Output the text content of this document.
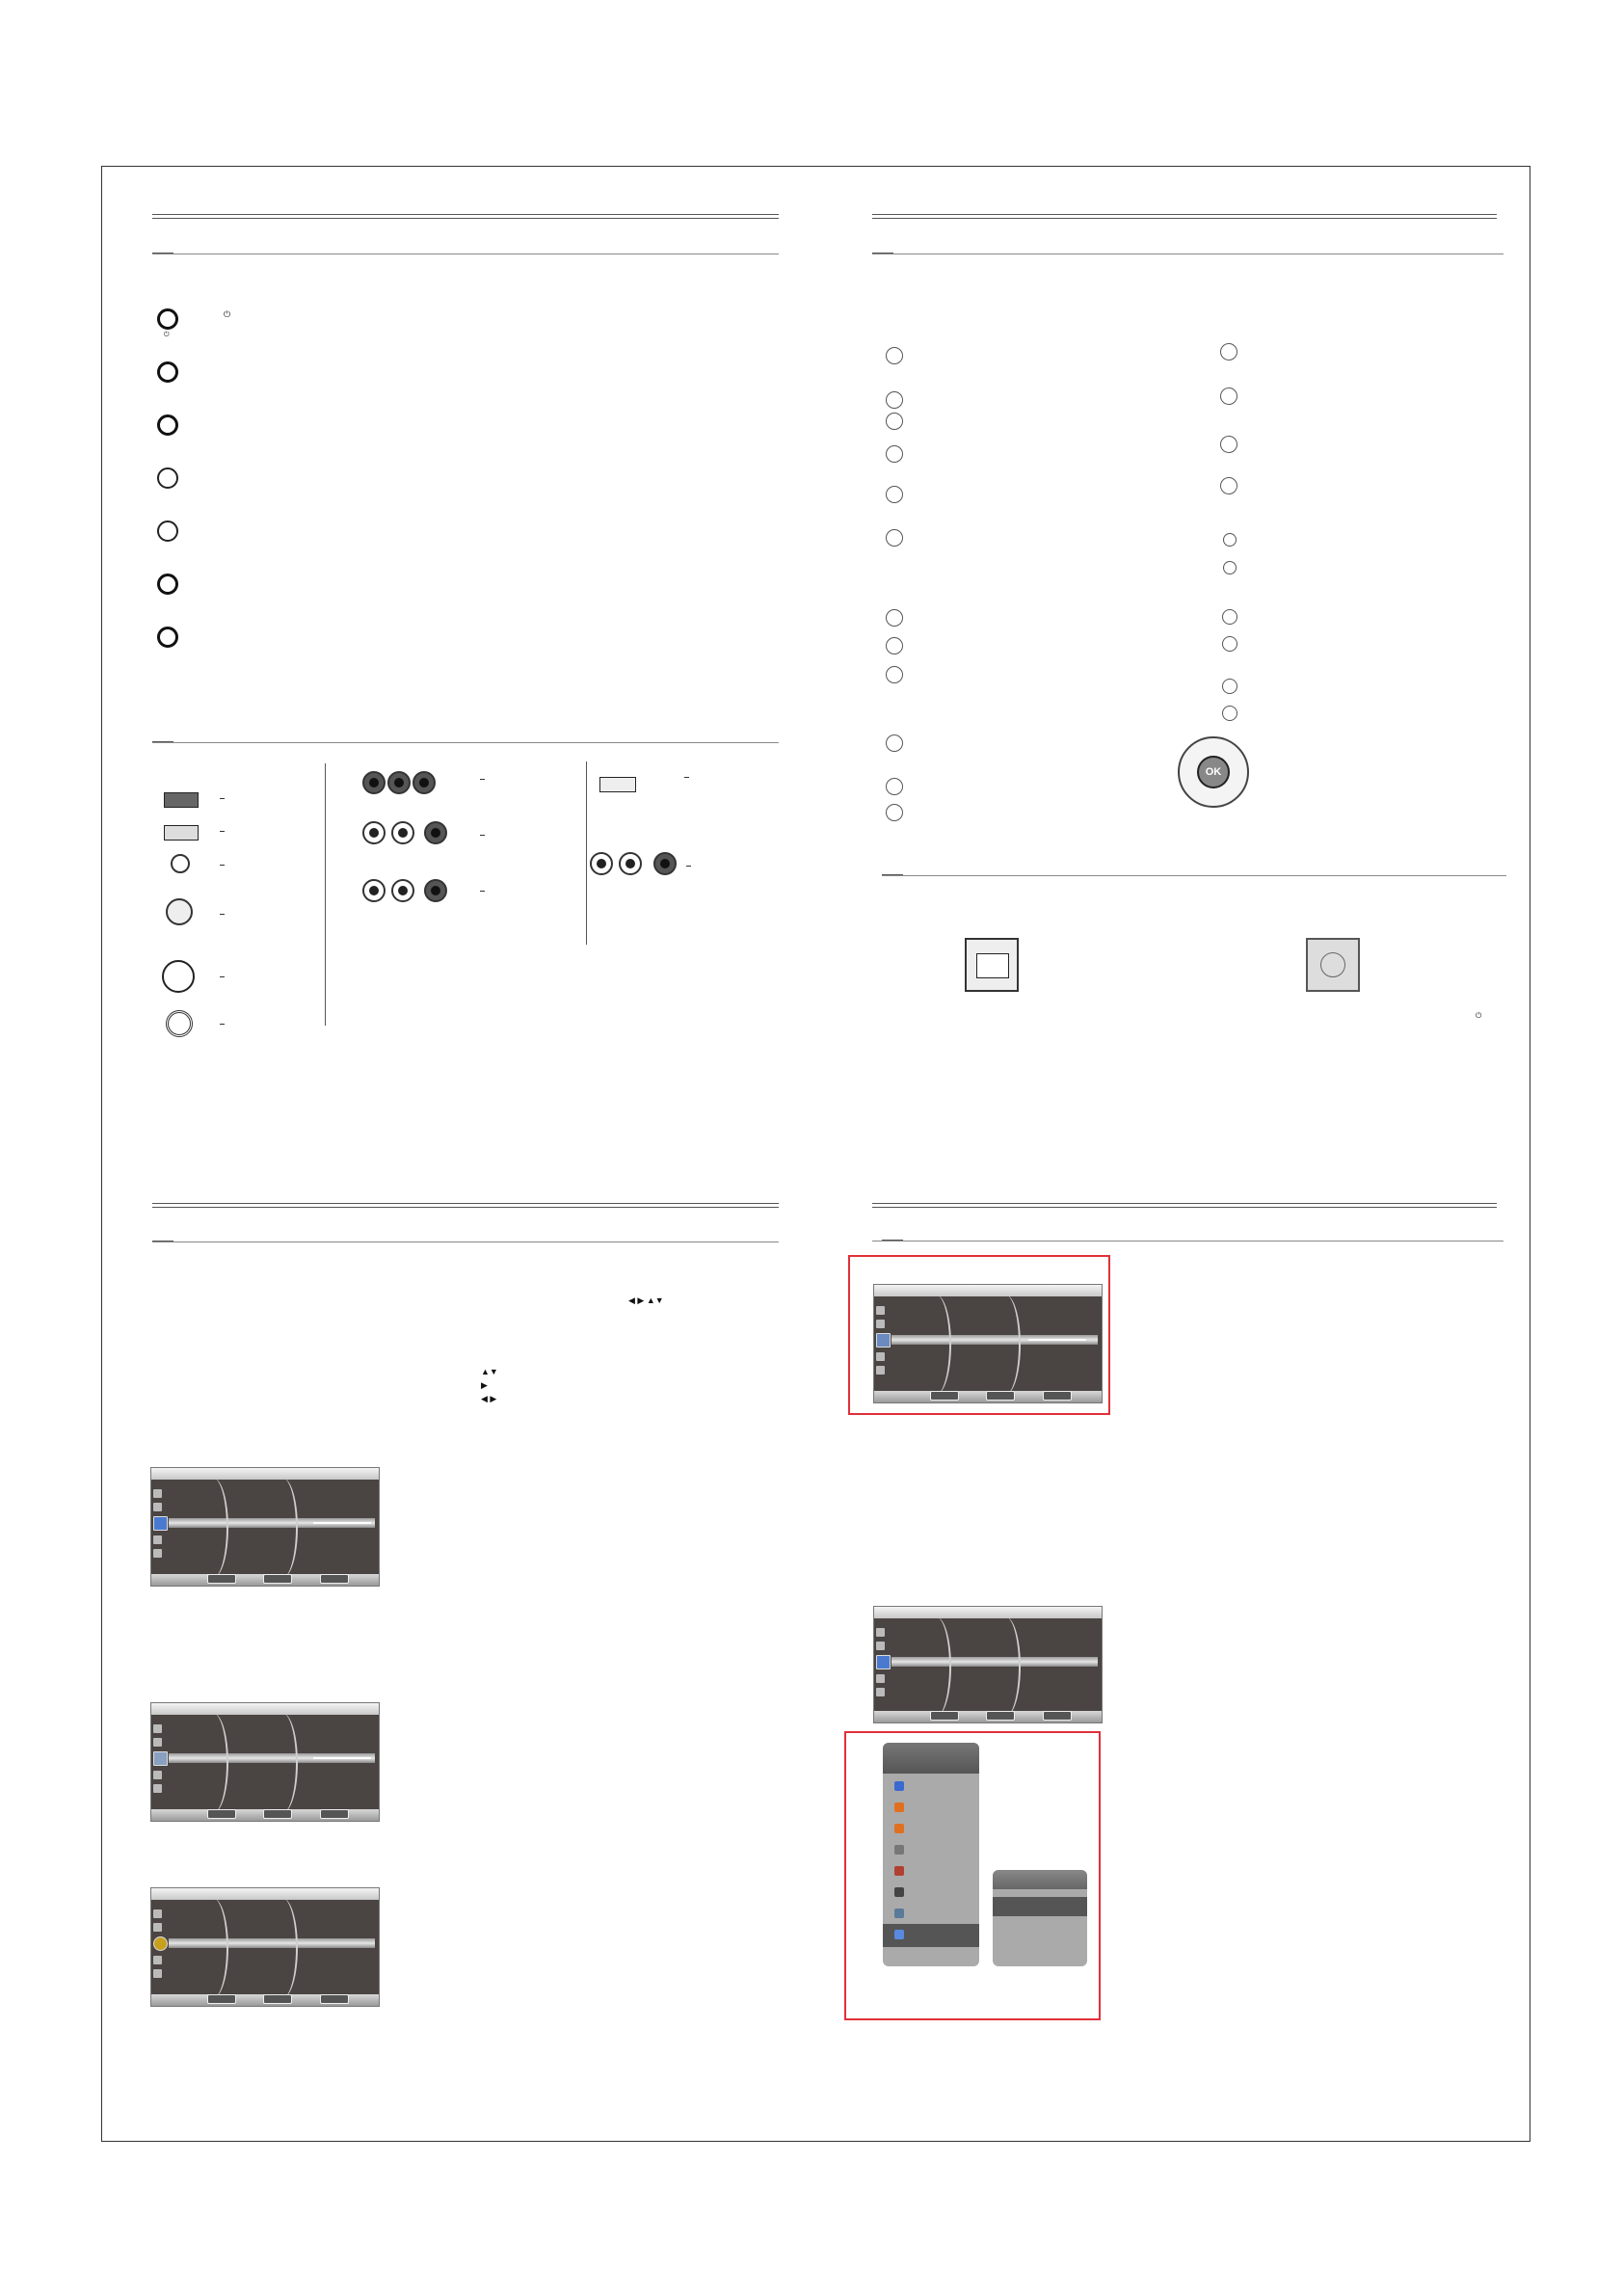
⏻
⏻
OK
⏻
◀ ▶ ▲▼
▲▼
▶
◀ ▶
